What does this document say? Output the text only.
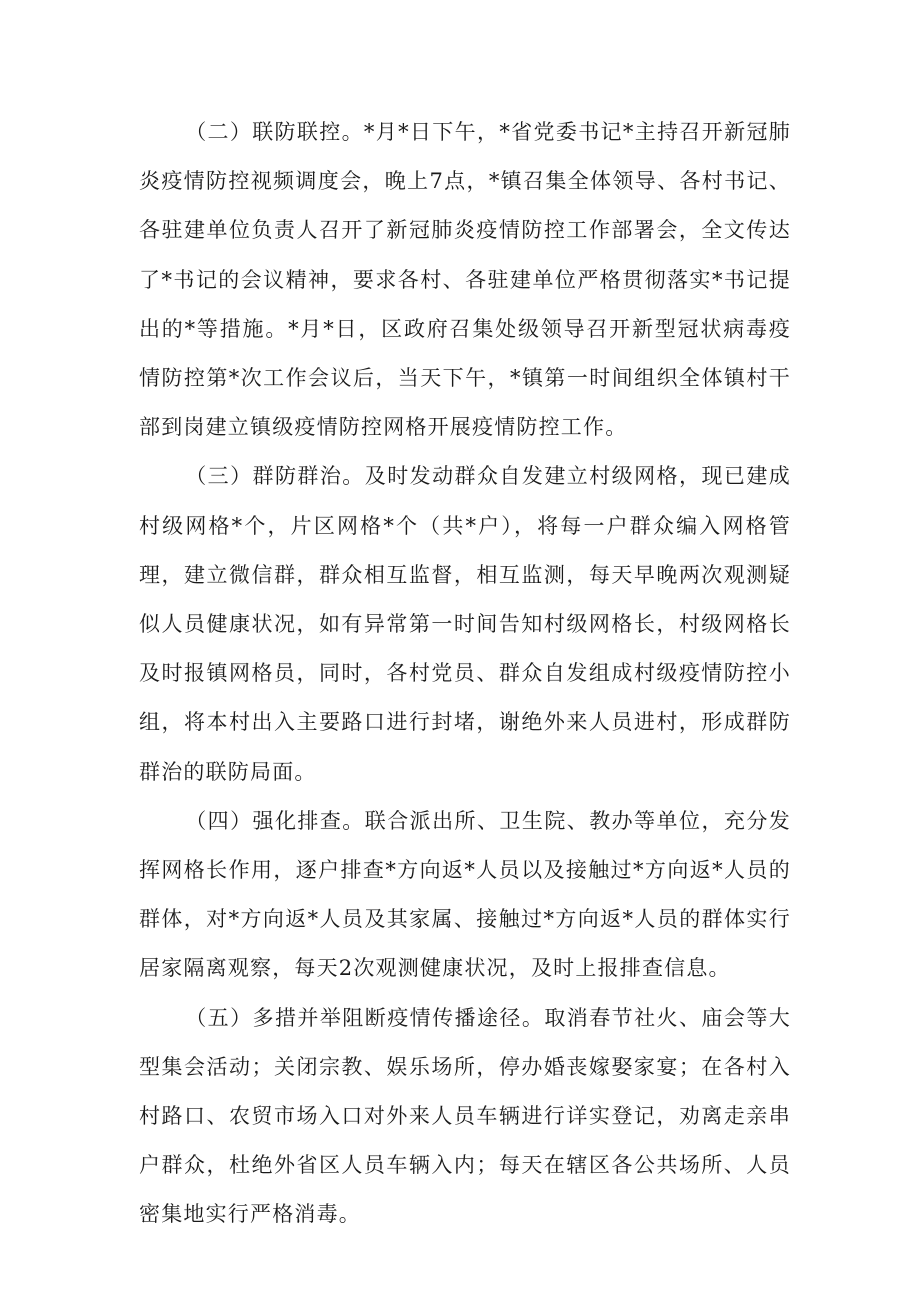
（二）联防联控。*月*日下午，*省党委书记*主持召开新冠肺炎疫情防控视频调度会，晚上7点，*镇召集全体领导、各村书记、各驻建单位负责人召开了新冠肺炎疫情防控工作部署会，全文传达了*书记的会议精神，要求各村、各驻建单位严格贯彻落实*书记提出的*等措施。*月*日，区政府召集处级领导召开新型冠状病毒疫情防控第*次工作会议后，当天下午，*镇第一时间组织全体镇村干部到岗建立镇级疫情防控网格开展疫情防控工作。

（三）群防群治。及时发动群众自发建立村级网格，现已建成村级网格*个，片区网格*个（共*户），将每一户群众编入网格管理，建立微信群，群众相互监督，相互监测，每天早晚两次观测疑似人员健康状况，如有异常第一时间告知村级网格长，村级网格长及时报镇网格员，同时，各村党员、群众自发组成村级疫情防控小组，将本村出入主要路口进行封堵，谢绝外来人员进村，形成群防群治的联防局面。

（四）强化排查。联合派出所、卫生院、教办等单位，充分发挥网格长作用，逐户排查*方向返*人员以及接触过*方向返*人员的群体，对*方向返*人员及其家属、接触过*方向返*人员的群体实行居家隔离观察，每天2次观测健康状况，及时上报排查信息。

（五）多措并举阻断疫情传播途径。取消春节社火、庙会等大型集会活动；关闭宗教、娱乐场所，停办婚丧嫁娶家宴；在各村入村路口、农贸市场入口对外来人员车辆进行详实登记，劝离走亲串户群众，杜绝外省区人员车辆入内；每天在辖区各公共场所、人员密集地实行严格消毒。
